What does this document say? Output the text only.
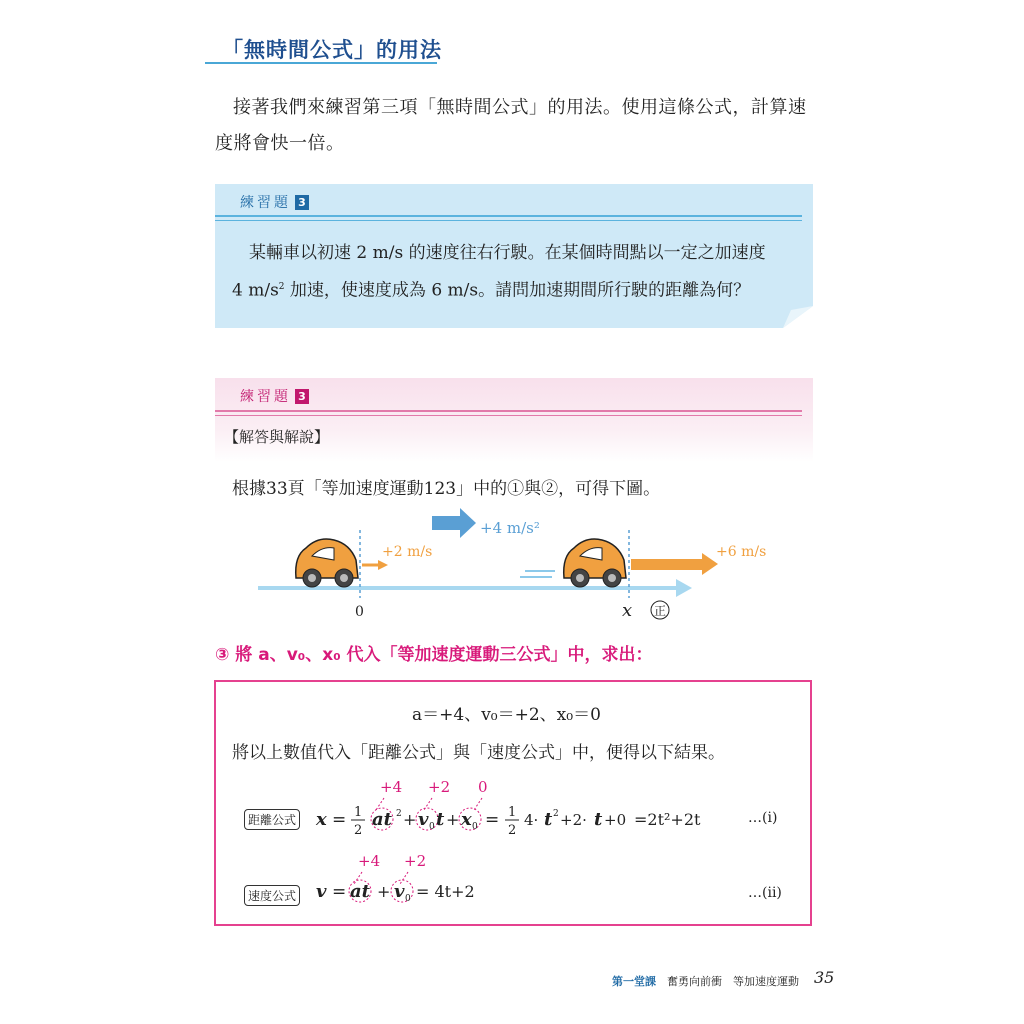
「無時間公式」的用法
接著我們來練習第三項「無時間公式」的用法。使用這條公式，計算速
度將會快一倍。
練習題 3
　某輛車以初速 2 m/s 的速度往右行駛。在某個時間點以一定之加速度
4 $m/s^2$ 加速，使速度成為 6 m/s。請問加速期間所行駛的距離為何？
練習題 3
【解答與解說】
根據33頁「等加速度運動123」中的①與②，可得下圖。
+4 m/s²
+2 m/s
0
+6 m/s
x 正
③ 將 a、v₀、x₀ 代入「等加速度運動三公式」中，求出：
a＝+4、v₀＝+2、x₀＝0
將以上數值代入「距離公式」與「速度公式」中，便得以下結果。
距離公式
+4 +2 0
x = 1
2
at 2 + v 0 t + x 0 = 1
2
4· t 2 +2· t +0 =2t²+2t	…(i)
速度公式
+4 +2
v = at + v 0 = 4t+2	…(ii)
第一堂課　 奮勇向前衝　等加速度運動 35
